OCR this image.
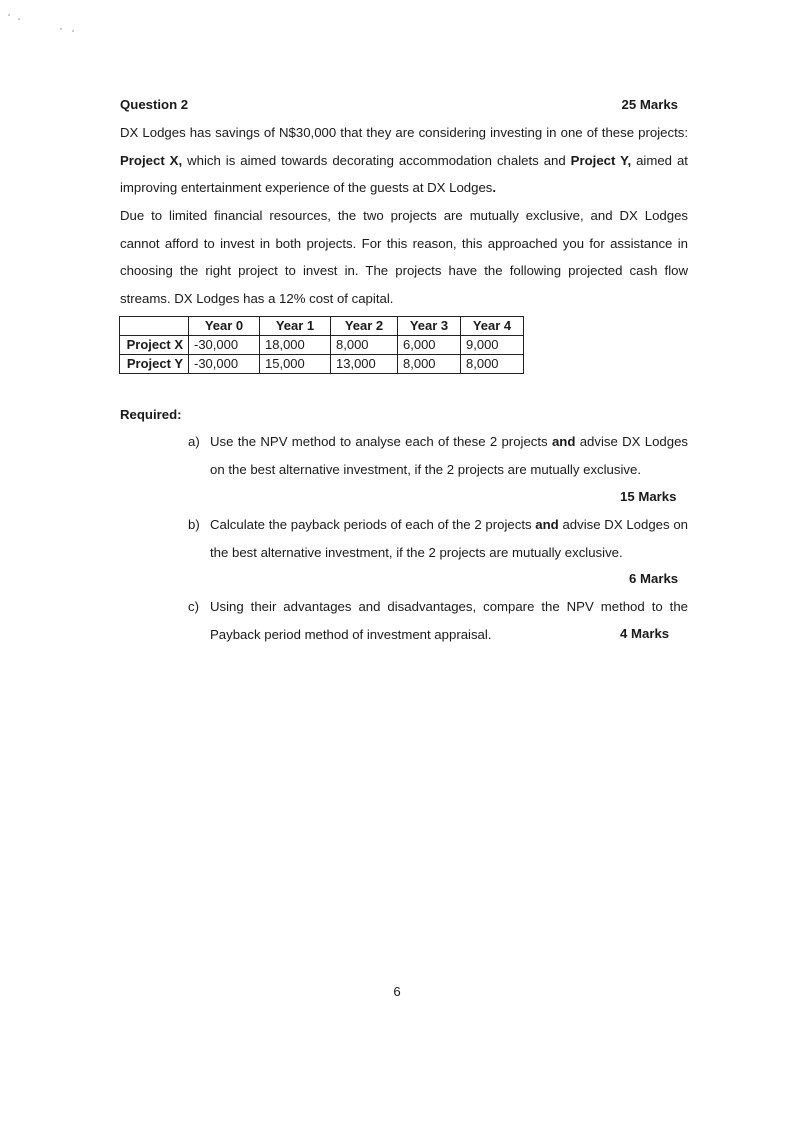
Question 2	25 Marks
DX Lodges has savings of N$30,000 that they are considering investing in one of these projects: Project X, which is aimed towards decorating accommodation chalets and Project Y, aimed at improving entertainment experience of the guests at DX Lodges.
Due to limited financial resources, the two projects are mutually exclusive, and DX Lodges cannot afford to invest in both projects. For this reason, this approached you for assistance in choosing the right project to invest in. The projects have the following projected cash flow streams. DX Lodges has a 12% cost of capital.
	Year 0	Year 1	Year 2	Year 3	Year 4
Project X	-30,000	18,000	8,000	6,000	9,000
Project Y	-30,000	15,000	13,000	8,000	8,000
Required:
a) Use the NPV method to analyse each of these 2 projects and advise DX Lodges on the best alternative investment, if the 2 projects are mutually exclusive.
15 Marks
b) Calculate the payback periods of each of the 2 projects and advise DX Lodges on the best alternative investment, if the 2 projects are mutually exclusive.
6 Marks
c) Using their advantages and disadvantages, compare the NPV method to the Payback period method of investment appraisal.	4 Marks
6
